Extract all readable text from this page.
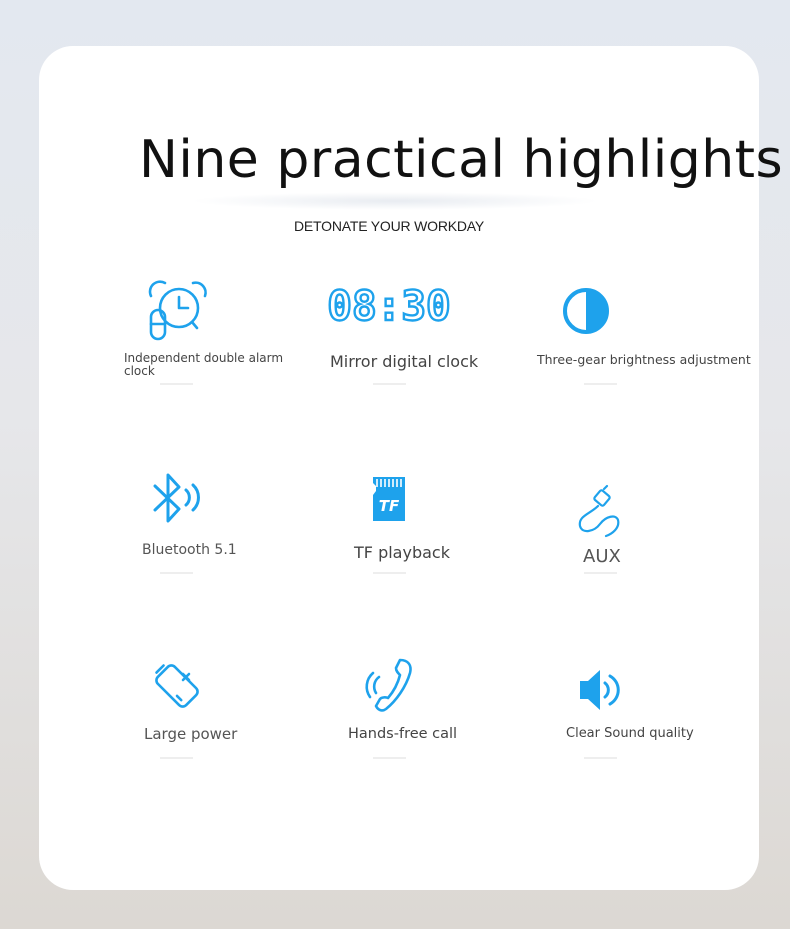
Nine practical highlights
DETONATE YOUR WORKDAY
Independent double alarm clock
08:30
Mirror digital clock	Three-gear brightness adjustment
Bluetooth 5.1
TF
TF playback	AUX
Large power	Hands-free call	Clear Sound quality
